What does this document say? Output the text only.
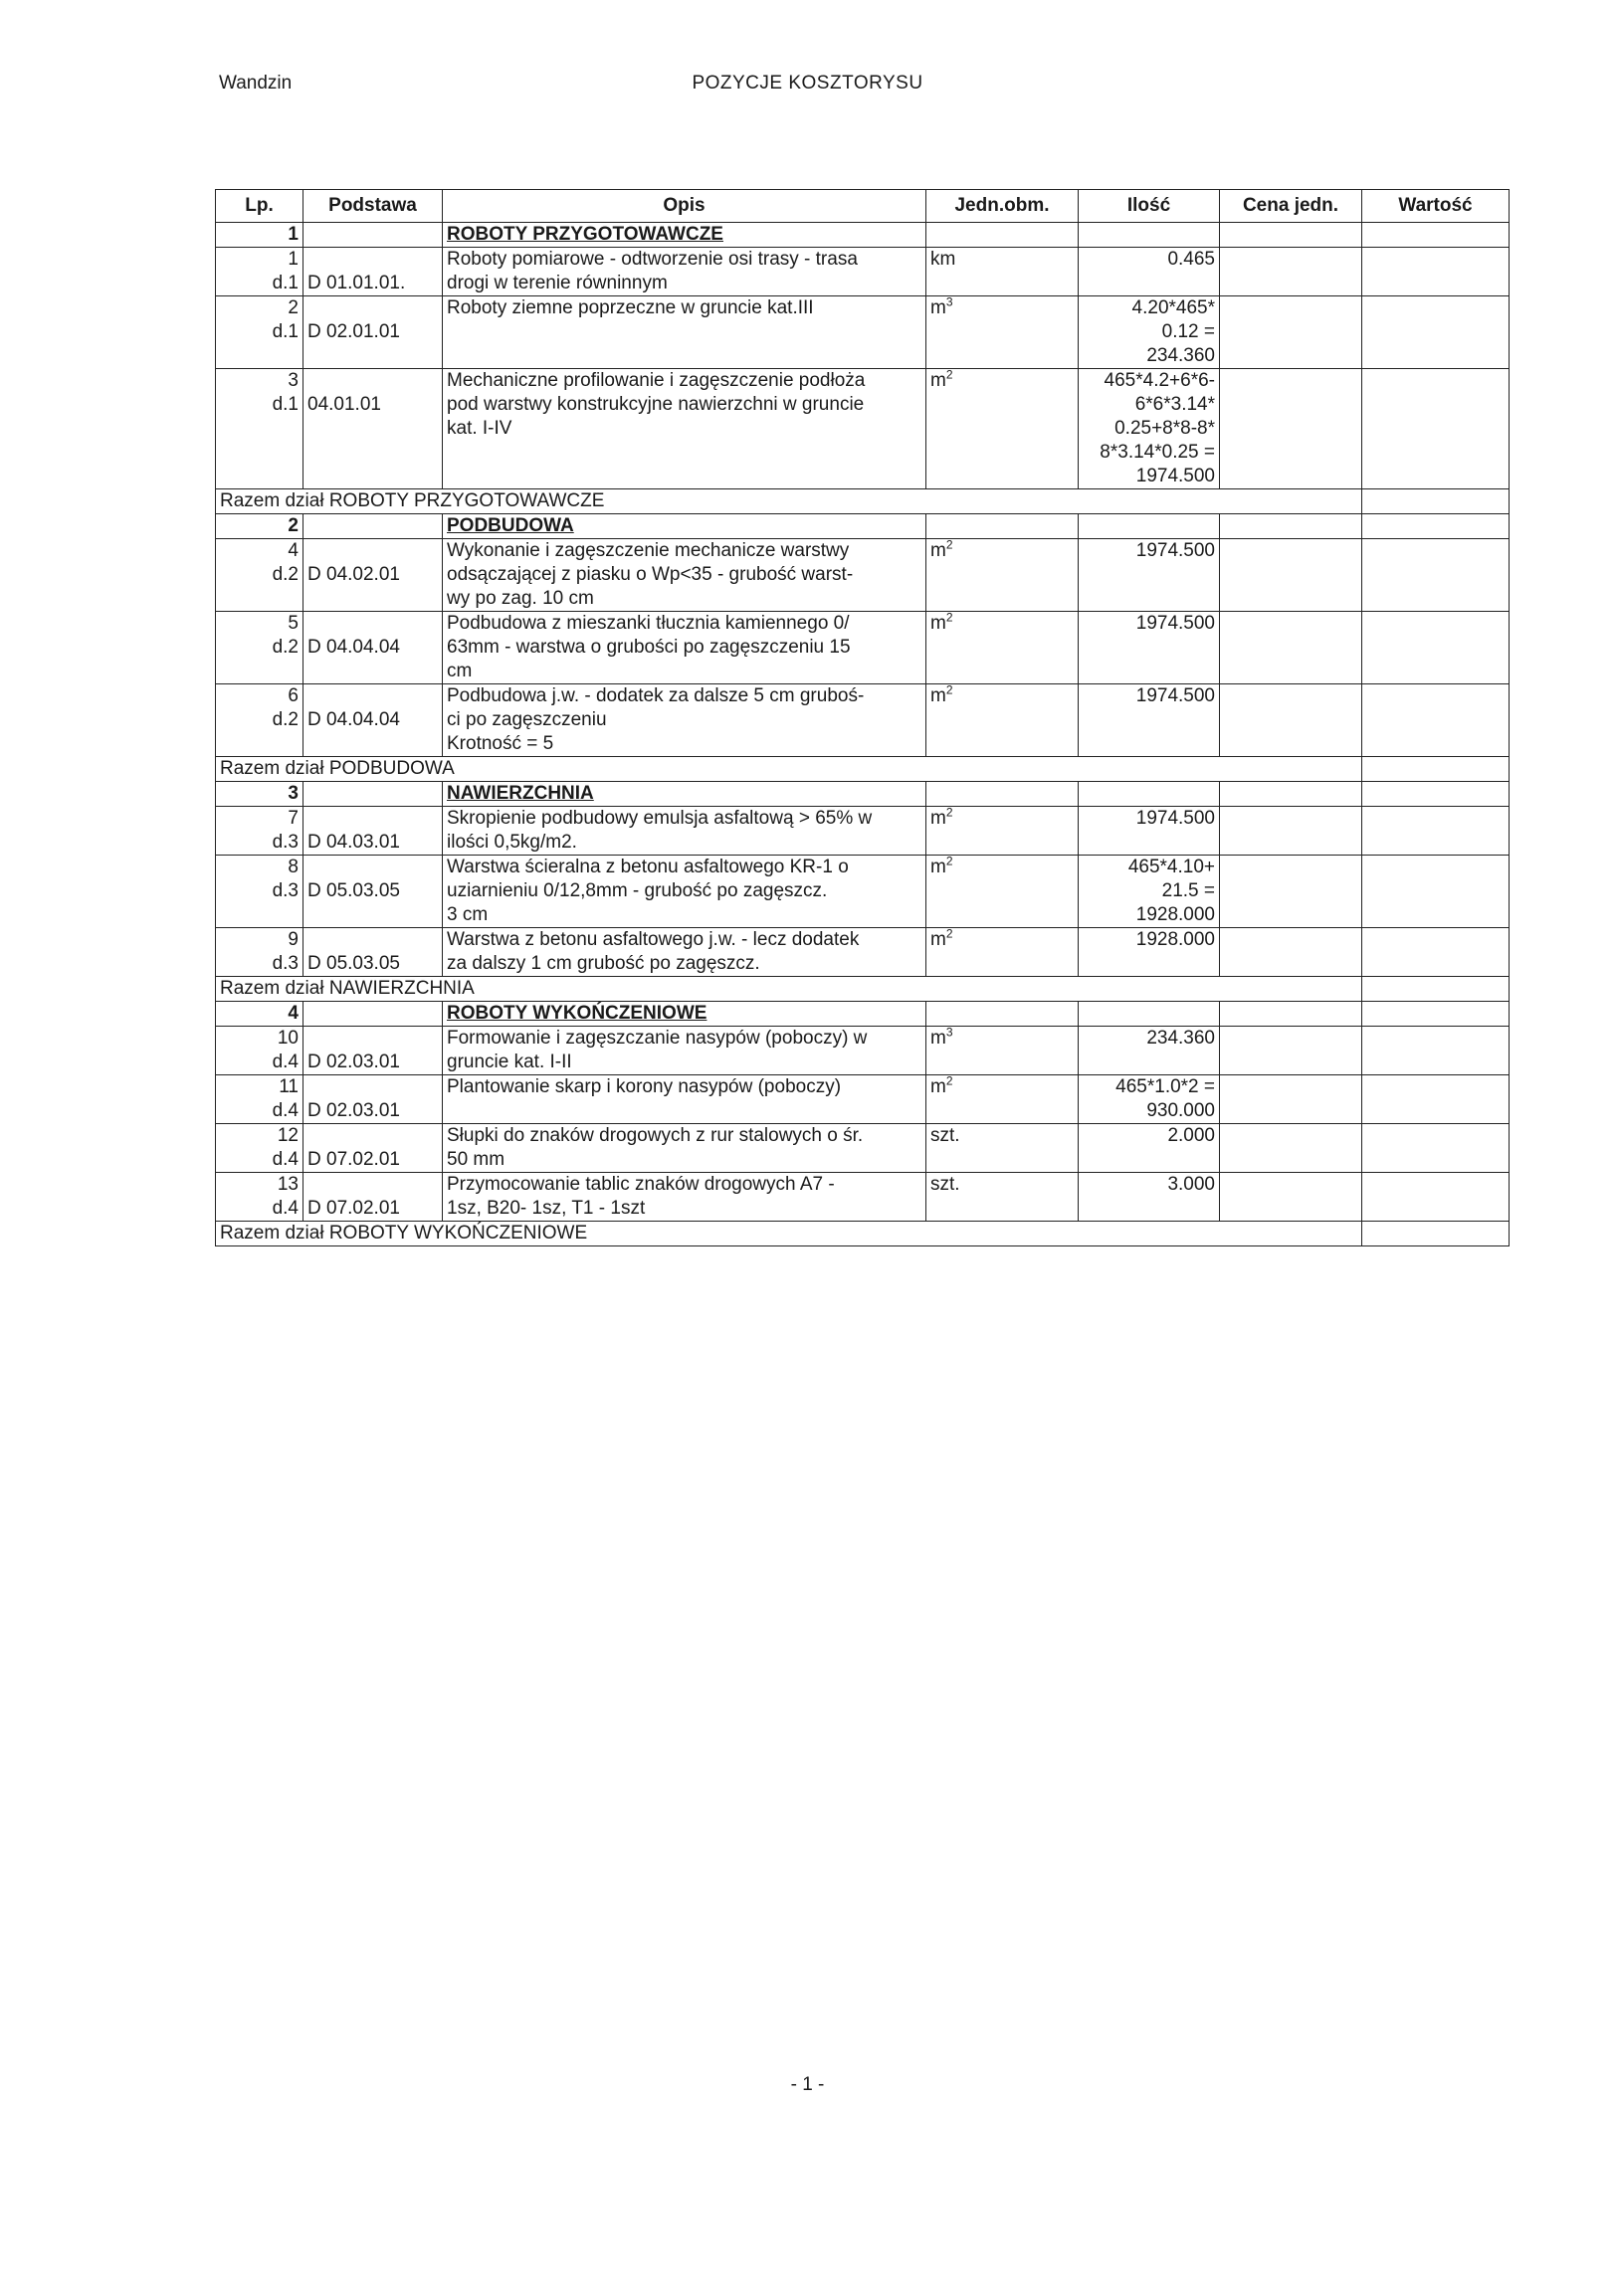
Wandzin	POZYCJE KOSZTORYSU
Lp.	Podstawa	Opis	Jedn.obm.	Ilość	Cena jedn.	Wartość
1		ROBOTY PRZYGOTOWAWCZE				

1
d.1	D 01.01.01.	Roboty pomiarowe - odtworzenie osi trasy - trasa
drogi w terenie równinnym	km	0.465		

2
d.1	D 02.01.01	Roboty ziemne poprzeczne w gruncie kat.III	$m^3$	4.20*465*
0.12 =
234.360		

3
d.1	04.01.01	Mechaniczne profilowanie i zagęszczenie podłoża
pod warstwy konstrukcyjne nawierzchni w gruncie
kat. I-IV	$m^2$	465*4.2+6*6-
6*6*3.14*
0.25+8*8-8*
8*3.14*0.25 =
1974.500		

Razem dział ROBOTY PRZYGOTOWAWCZE						
2		PODBUDOWA				

4
d.2	D 04.02.01	Wykonanie i zagęszczenie mechanicze warstwy
odsączającej z piasku o Wp<35 - grubość warst-
wy po zag. 10 cm	$m^2$	1974.500		

5
d.2	D 04.04.04	Podbudowa z mieszanki tłucznia kamiennego 0/
63mm - warstwa o grubości po zagęszczeniu 15
cm	$m^2$	1974.500		

6
d.2	D 04.04.04	Podbudowa j.w. - dodatek za dalsze 5 cm gruboś-
ci po zagęszczeniu
Krotność = 5	$m^2$	1974.500		

Razem dział PODBUDOWA						
3		NAWIERZCHNIA				

7
d.3	D 04.03.01	Skropienie podbudowy emulsja asfaltową > 65% w
ilości 0,5kg/m2.	$m^2$	1974.500		

8
d.3	D 05.03.05	Warstwa ścieralna z betonu asfaltowego KR-1 o
uziarnieniu 0/12,8mm - grubość po zagęszcz.
3 cm	$m^2$	465*4.10+
21.5 =
1928.000		

9
d.3	D 05.03.05	Warstwa z betonu asfaltowego j.w. - lecz dodatek
za dalszy 1 cm grubość po zagęszcz.	$m^2$	1928.000		

Razem dział NAWIERZCHNIA						
4		ROBOTY WYKOŃCZENIOWE				

10
d.4	D 02.03.01	Formowanie i zagęszczanie nasypów (poboczy) w
gruncie kat. I-II	$m^3$	234.360		

11
d.4	D 02.03.01	Plantowanie skarp i korony nasypów (poboczy)	$m^2$	465*1.0*2 =
930.000		

12
d.4	D 07.02.01	Słupki do znaków drogowych z rur stalowych o śr.
50 mm	szt.	2.000		

13
d.4	D 07.02.01	Przymocowanie tablic znaków drogowych A7 -
1sz, B20- 1sz, T1 - 1szt	szt.	3.000		

Razem dział ROBOTY WYKOŃCZENIOWE						
- 1 -
